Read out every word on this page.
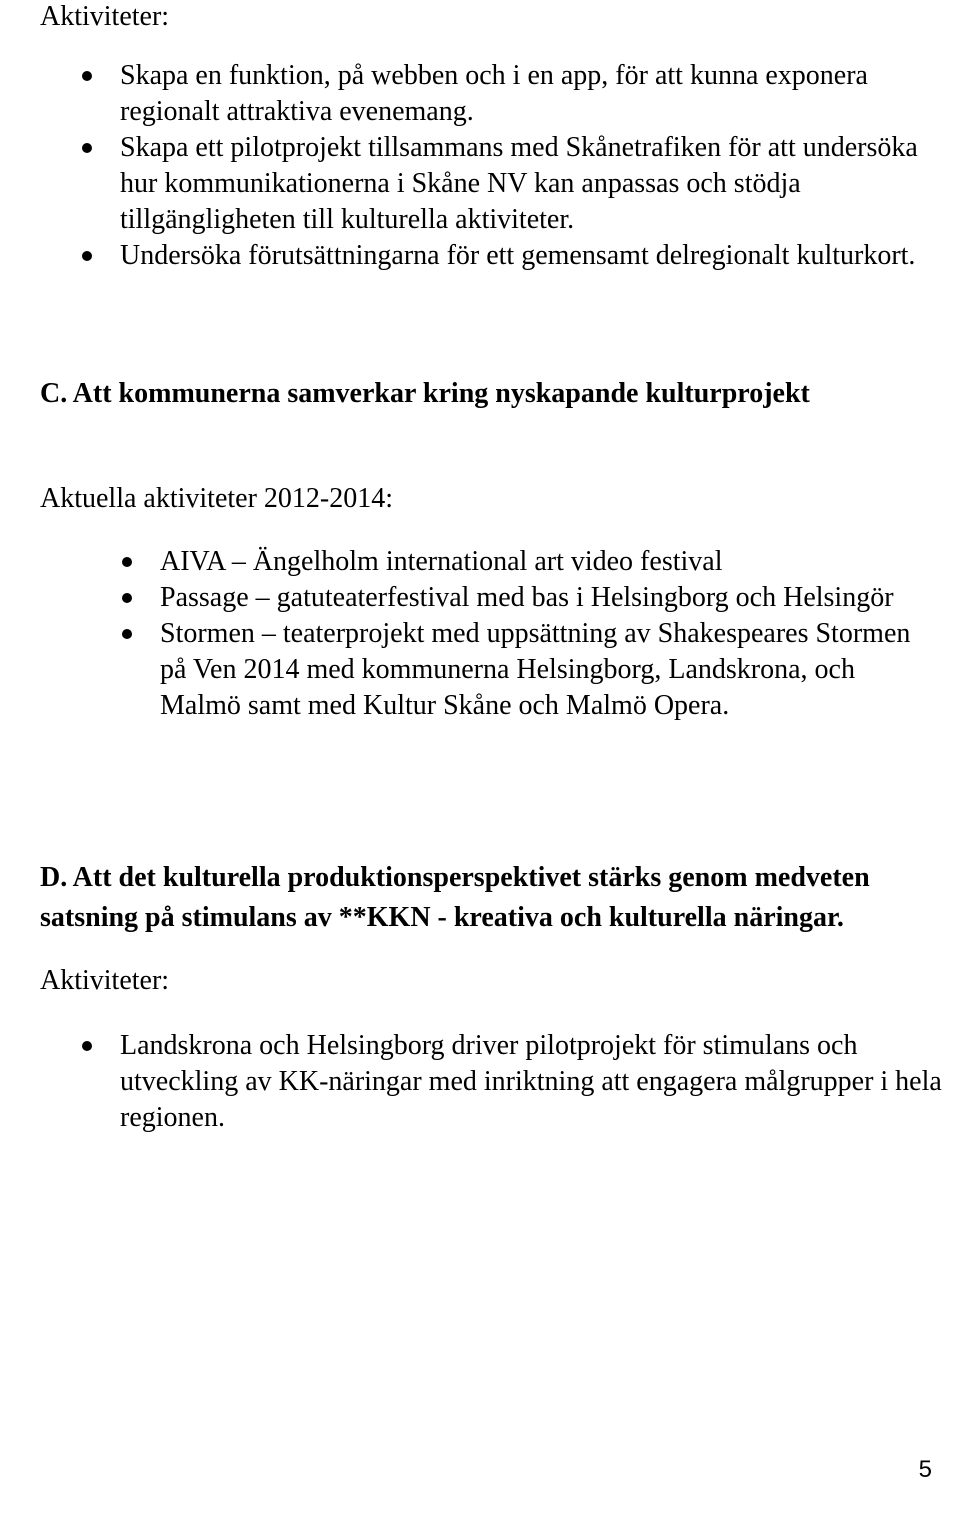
Aktiviteter:
Skapa en funktion, på webben och i en app, för att kunna exponera regionalt attraktiva evenemang.
Skapa ett pilotprojekt tillsammans med Skånetrafiken för att undersöka hur kommunikationerna i Skåne NV kan anpassas och stödja tillgängligheten till kulturella aktiviteter.
Undersöka förutsättningarna för ett gemensamt delregionalt kulturkort.
C. Att kommunerna samverkar kring nyskapande kulturprojekt
Aktuella aktiviteter 2012-2014:
AIVA – Ängelholm international art video festival
Passage – gatuteaterfestival med bas i Helsingborg och Helsingör
Stormen – teaterprojekt med uppsättning av Shakespeares Stormen på Ven 2014 med kommunerna Helsingborg, Landskrona, och Malmö samt med Kultur Skåne och Malmö Opera.
D. Att det kulturella produktionsperspektivet stärks genom medveten satsning på stimulans av **KKN - kreativa och kulturella näringar.
Aktiviteter:
Landskrona och Helsingborg driver pilotprojekt för stimulans och utveckling av KK-näringar med inriktning att engagera målgrupper i hela regionen.
5
